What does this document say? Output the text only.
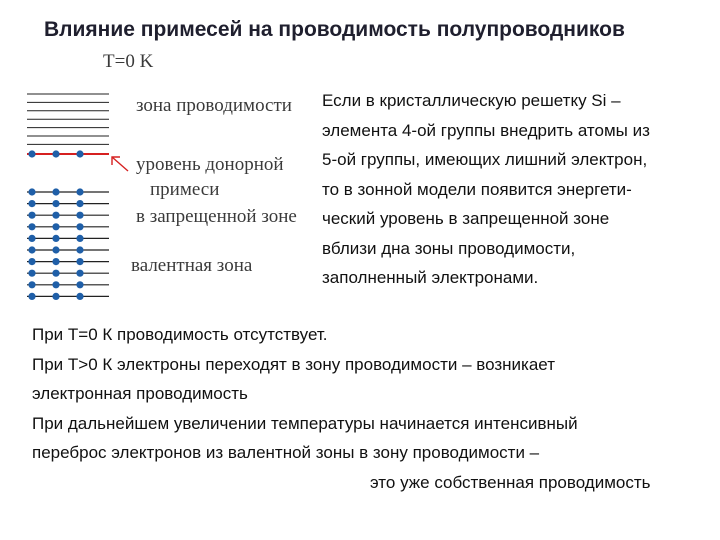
Влияние примесей на проводимость полупроводников
T=0 K
зона проводимости
уровень донорной
примеси
в запрещенной зоне
валентная зона
Если в кристаллическую решетку Si –
элемента 4-ой группы внедрить атомы из
5-ой группы, имеющих лишний электрон,
то в зонной модели появится энергети-
ческий уровень в запрещенной зоне
вблизи дна зоны проводимости,
заполненный электронами.
При Т=0 К проводимость отсутствует.
При Т>0 К электроны переходят в зону проводимости – возникает
электронная проводимость
При дальнейшем увеличении температуры начинается интенсивный
переброс электронов из валентной зоны в зону проводимости –
это уже собственная проводимость
